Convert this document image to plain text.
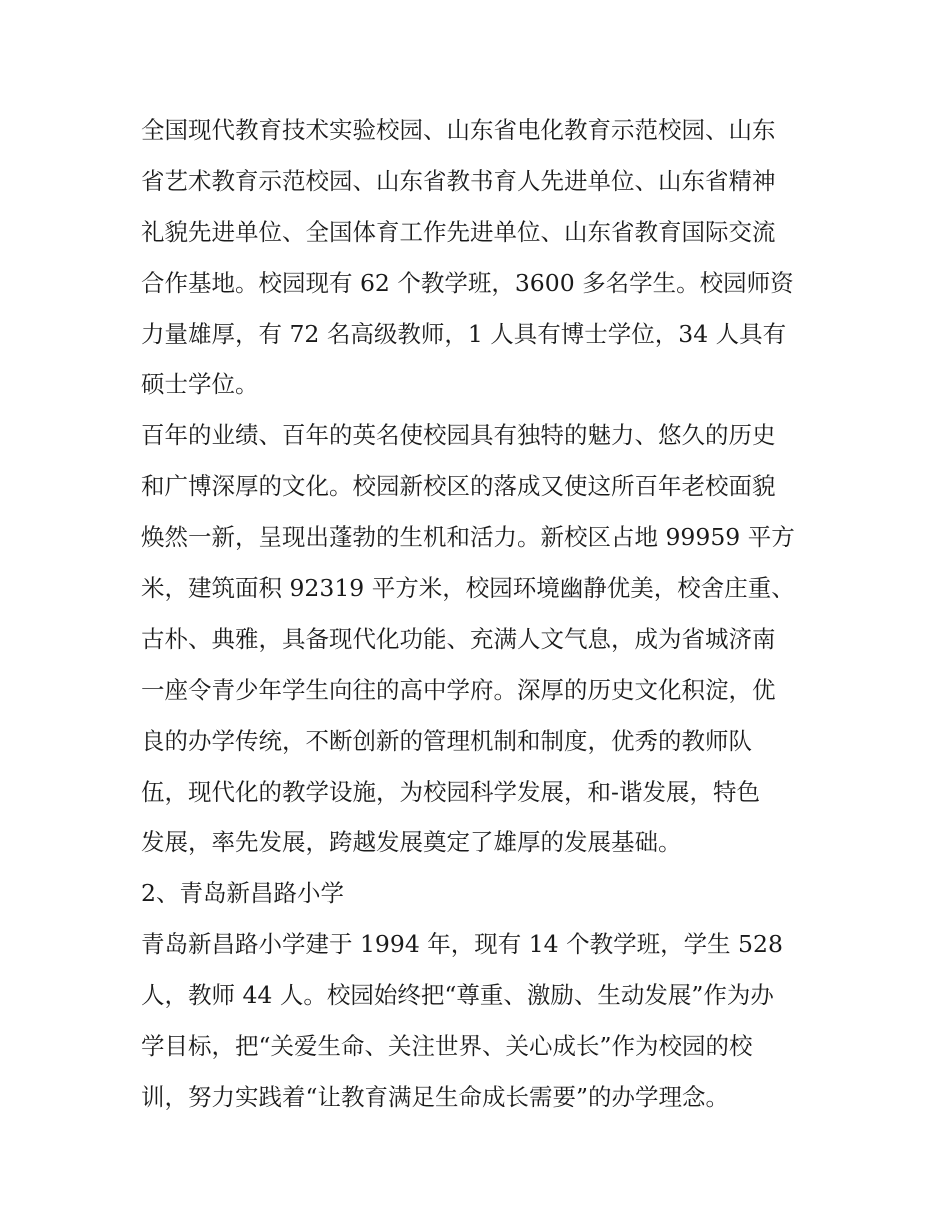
全国现代教育技术实验校园、山东省电化教育示范校园、山东

省艺术教育示范校园、山东省教书育人先进单位、山东省精神

礼貌先进单位、全国体育工作先进单位、山东省教育国际交流

合作基地。校园现有 62 个教学班，3600 多名学生。校园师资

力量雄厚，有 72 名高级教师，1 人具有博士学位，34 人具有

硕士学位。

百年的业绩、百年的英名使校园具有独特的魅力、悠久的历史

和广博深厚的文化。校园新校区的落成又使这所百年老校面貌

焕然一新，呈现出蓬勃的生机和活力。新校区占地 99959 平方

米，建筑面积 92319 平方米，校园环境幽静优美，校舍庄重、

古朴、典雅，具备现代化功能、充满人文气息，成为省城济南

一座令青少年学生向往的高中学府。深厚的历史文化积淀，优

良的办学传统，不断创新的管理机制和制度，优秀的教师队

伍，现代化的教学设施，为校园科学发展，和-谐发展，特色

发展，率先发展，跨越发展奠定了雄厚的发展基础。

2、青岛新昌路小学

青岛新昌路小学建于 1994 年，现有 14 个教学班，学生 528

人，教师 44 人。校园始终把“尊重、激励、生动发展”作为办

学目标，把“关爱生命、关注世界、关心成长”作为校园的校

训，努力实践着“让教育满足生命成长需要”的办学理念。
